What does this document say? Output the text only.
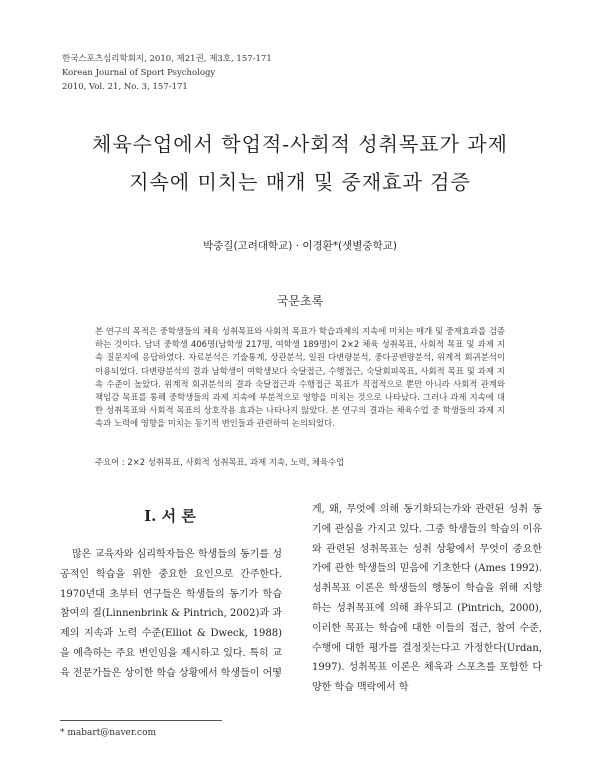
한국스포츠심리학회지, 2010, 제21권, 제3호, 157-171
Korean Journal of Sport Psychology
2010, Vol. 21, No. 3, 157-171
체육수업에서 학업적-사회적 성취목표가 과제
지속에 미치는 매개 및 중재효과 검증
박중길(고려대학교) · 이경환*(샛별중학교)
국문초록

본 연구의 목적은 중학생들의 체육 성취목표와 사회적 목표가 학습과제의 지속에 미치는 매개 및 중재효과를 검증하는 것이다. 남녀 중학생 406명(남학생 217명, 여학생 189명)이 2×2 체육 성취목표, 사회적 목표 및 과제 지속 질문지에 응답하였다. 자료분석은 기술통계, 상관분석, 일원 다변량분석, 중다공변량분석, 위계적 회귀분석이 이용되었다. 다변량분석의 결과 남학생이 여학생보다 숙달접근, 수행접근, 숙달회피목표, 사회적 목표 및 과제 지속 수준이 높았다. 위계적 회귀분석의 결과 숙달접근과 수행접근 목표가 직접적으로 뿐만 아니라 사회적 관계와 책임감 목표를 통해 중학생들의 과제 지속에 부분적으로 영향을 미치는 것으로 나타났다. 그러나 과제 지속에 대한 성취목표와 사회적 목표의 상호작용 효과는 나타나지 않았다. 본 연구의 결과는 체육수업 중 학생들의 과제 지속과 노력에 영향을 미치는 동기적 변인들과 관련하여 논의되었다.

주요어 : 2×2 성취목표, 사회적 성취목표, 과제 지속, 노력, 체육수업
I. 서 론

많은 교육자와 심리학자들은 학생들의 동기를 성공적인 학습을 위한 중요한 요인으로 간주한다. 1970년대 초부터 연구들은 학생들의 동기가 학습 참여의 질(Linnenbrink & Pintrich, 2002)과 과제의 지속과 노력 수준(Elliot & Dweck, 1988)을 예측하는 주요 변인임을 제시하고 있다. 특히 교육 전문가들은 상이한 학습 상황에서 학생들이 어떻

게, 왜, 무엇에 의해 동기화되는가와 관련된 성취 동기에 관심을 가지고 있다. 그중 학생들의 학습의 이유와 관련된 성취목표는 성취 상황에서 무엇이 중요한가에 관한 학생들의 믿음에 기초한다 (Ames 1992). 성취목표 이론은 학생들의 행동이 학습을 위해 지향하는 성취목표에 의해 좌우되고 (Pintrich, 2000), 이러한 목표는 학습에 대한 이들의 접근, 참여 수준, 수행에 대한 평가를 결정짓는다고 가정한다(Urdan, 1997). 성취목표 이론은 체육과 스포츠를 포함한 다양한 학습 맥락에서 학

* mabart@naver.com
